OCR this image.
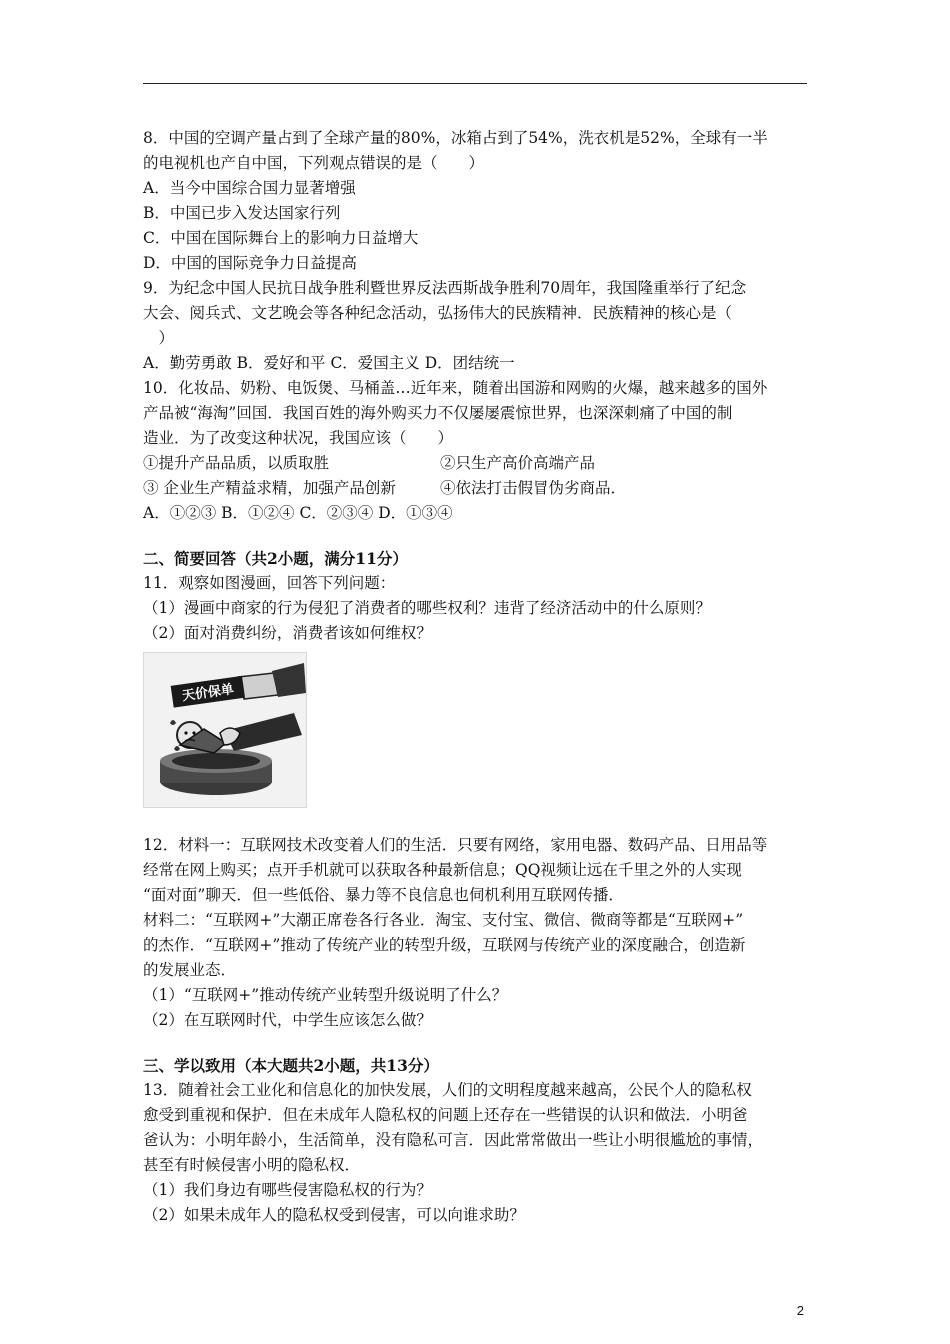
8．中国的空调产量占到了全球产量的80%，冰箱占到了54%，洗衣机是52%，全球有一半
的电视机也产自中国，下列观点错误的是（　　）
A．当今中国综合国力显著增强
B．中国已步入发达国家行列
C．中国在国际舞台上的影响力日益增大
D．中国的国际竞争力日益提高
9．为纪念中国人民抗日战争胜利暨世界反法西斯战争胜利70周年，我国隆重举行了纪念
大会、阅兵式、文艺晚会等各种纪念活动，弘扬伟大的民族精神．民族精神的核心是（
　）
A．勤劳勇敢 B．爱好和平 C．爱国主义 D．团结统一
10．化妆品、奶粉、电饭煲、马桶盖…近年来，随着出国游和网购的火爆，越来越多的国外
产品被“海淘”回国．我国百姓的海外购买力不仅屡屡震惊世界，也深深刺痛了中国的制
造业．为了改变这种状况，我国应该（　　）
①提升产品品质，以质取胜	②只生产高价高端产品
③ 企业生产精益求精，加强产品创新	④依法打击假冒伪劣商品．
A．①②③ B．①②④ C．②③④ D．①③④
二、简要回答（共2小题，满分11分）
11．观察如图漫画，回答下列问题：
（1）漫画中商家的行为侵犯了消费者的哪些权利？违背了经济活动中的什么原则？
（2）面对消费纠纷，消费者该如何维权？
天价保单
12．材料一：互联网技术改变着人们的生活．只要有网络，家用电器、数码产品、日用品等
经常在网上购买；点开手机就可以获取各种最新信息；QQ视频让远在千里之外的人实现
“面对面”聊天．但一些低俗、暴力等不良信息也伺机利用互联网传播．
材料二：“互联网+”大潮正席卷各行各业．淘宝、支付宝、微信、微商等都是“互联网+”
的杰作．“互联网+”推动了传统产业的转型升级，互联网与传统产业的深度融合，创造新
的发展业态．
（1）“互联网+”推动传统产业转型升级说明了什么？
（2）在互联网时代，中学生应该怎么做？
三、学以致用（本大题共2小题，共13分）
13．随着社会工业化和信息化的加快发展，人们的文明程度越来越高，公民个人的隐私权
愈受到重视和保护．但在未成年人隐私权的问题上还存在一些错误的认识和做法．小明爸
爸认为：小明年龄小，生活简单，没有隐私可言．因此常常做出一些让小明很尴尬的事情，
甚至有时候侵害小明的隐私权．
（1）我们身边有哪些侵害隐私权的行为？
（2）如果未成年人的隐私权受到侵害，可以向谁求助？
2
